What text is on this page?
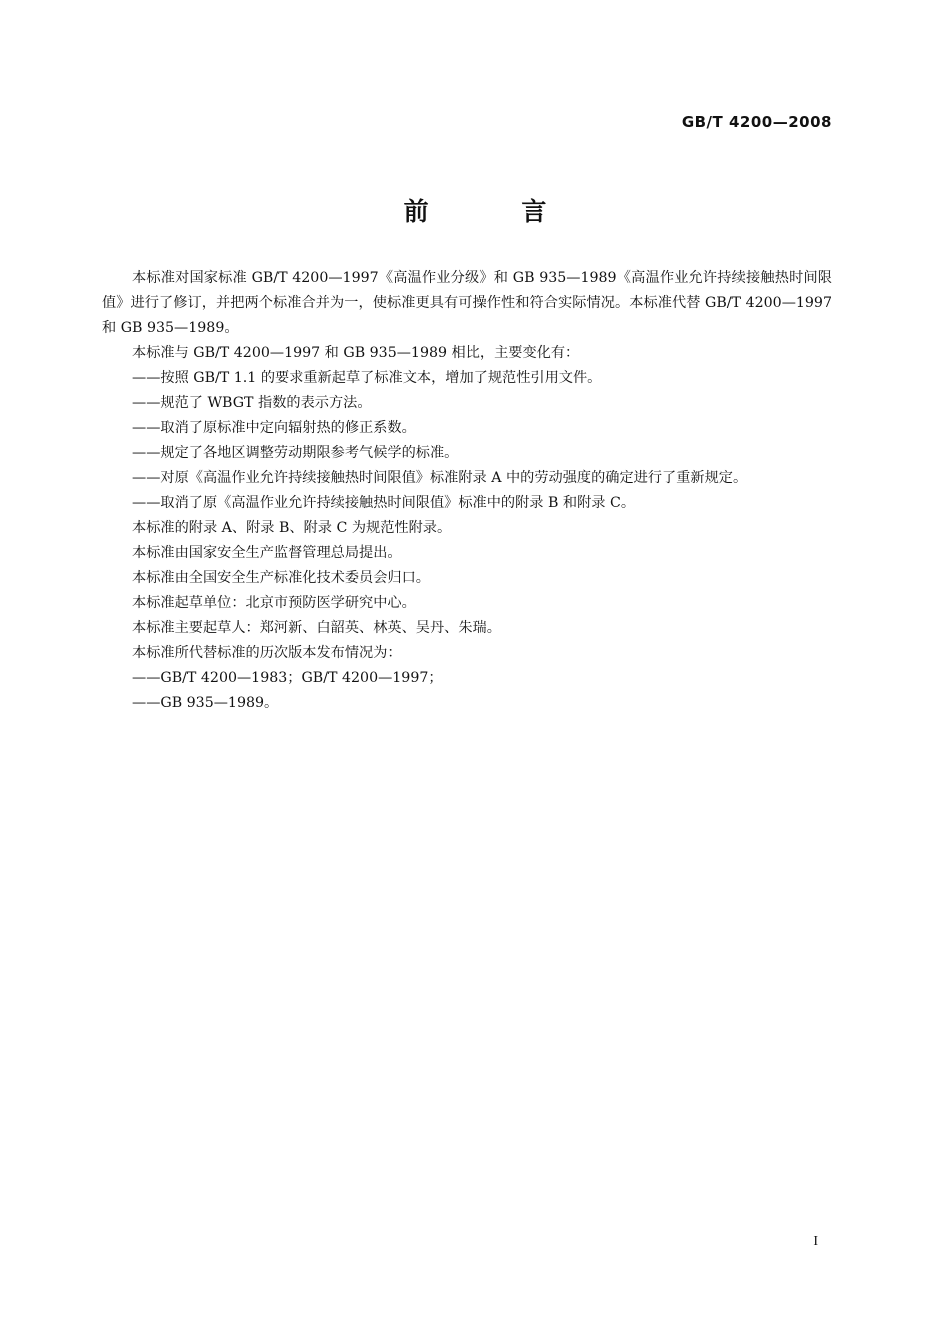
GB/T 4200—2008
前 言

本标准对国家标准 GB/T 4200—1997《高温作业分级》和 GB 935—1989《高温作业允许持续接触热时间限值》进行了修订，并把两个标准合并为一，使标准更具有可操作性和符合实际情况。本标准代替 GB/T 4200—1997 和 GB 935—1989。

本标准与 GB/T 4200—1997 和 GB 935—1989 相比，主要变化有：

——按照 GB/T 1.1 的要求重新起草了标准文本，增加了规范性引用文件。

——规范了 WBGT 指数的表示方法。

——取消了原标准中定向辐射热的修正系数。

——规定了各地区调整劳动期限参考气候学的标准。

——对原《高温作业允许持续接触热时间限值》标准附录 A 中的劳动强度的确定进行了重新规定。

——取消了原《高温作业允许持续接触热时间限值》标准中的附录 B 和附录 C。

本标准的附录 A、附录 B、附录 C 为规范性附录。

本标准由国家安全生产监督管理总局提出。

本标准由全国安全生产标准化技术委员会归口。

本标准起草单位：北京市预防医学研究中心。

本标准主要起草人：郑河新、白韶英、林英、吴丹、朱瑞。

本标准所代替标准的历次版本发布情况为：

——GB/T 4200—1983；GB/T 4200—1997；

——GB 935—1989。

I
